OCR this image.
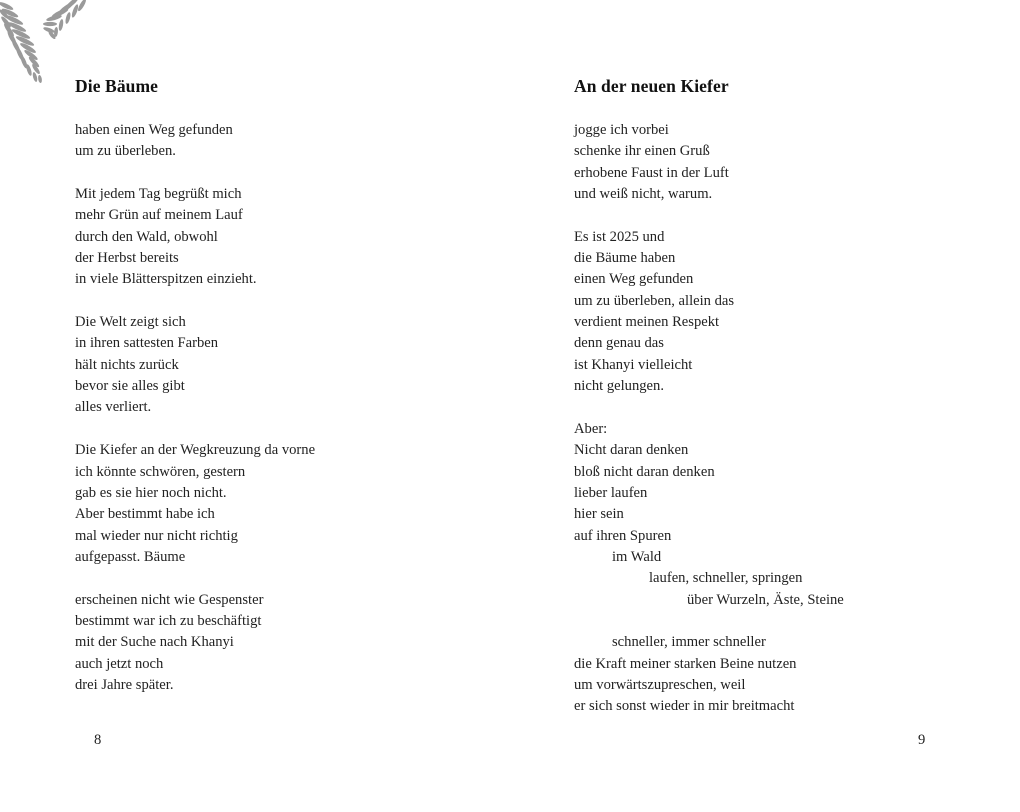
Die Bäume
haben einen Weg gefunden
um zu überleben.
Mit jedem Tag begrüßt mich
mehr Grün auf meinem Lauf
durch den Wald, obwohl
der Herbst bereits
in viele Blätterspitzen einzieht.
Die Welt zeigt sich
in ihren sattesten Farben
hält nichts zurück
bevor sie alles gibt
alles verliert.
Die Kiefer an der Wegkreuzung da vorne
ich könnte schwören, gestern
gab es sie hier noch nicht.
Aber bestimmt habe ich
mal wieder nur nicht richtig
aufgepasst. Bäume
erscheinen nicht wie Gespenster
bestimmt war ich zu beschäftigt
mit der Suche nach Khanyi
auch jetzt noch
drei Jahre später.
8
An der neuen Kiefer
jogge ich vorbei
schenke ihr einen Gruß
erhobene Faust in der Luft
und weiß nicht, warum.
Es ist 2025 und
die Bäume haben
einen Weg gefunden
um zu überleben, allein das
verdient meinen Respekt
denn genau das
ist Khanyi vielleicht
nicht gelungen.
Aber:
Nicht daran denken
bloß nicht daran denken
lieber laufen
hier sein
auf ihren Spuren
im Wald
laufen, schneller, springen
über Wurzeln, Äste, Steine
schneller, immer schneller
die Kraft meiner starken Beine nutzen
um vorwärtszupreschen, weil
er sich sonst wieder in mir breitmacht
9
